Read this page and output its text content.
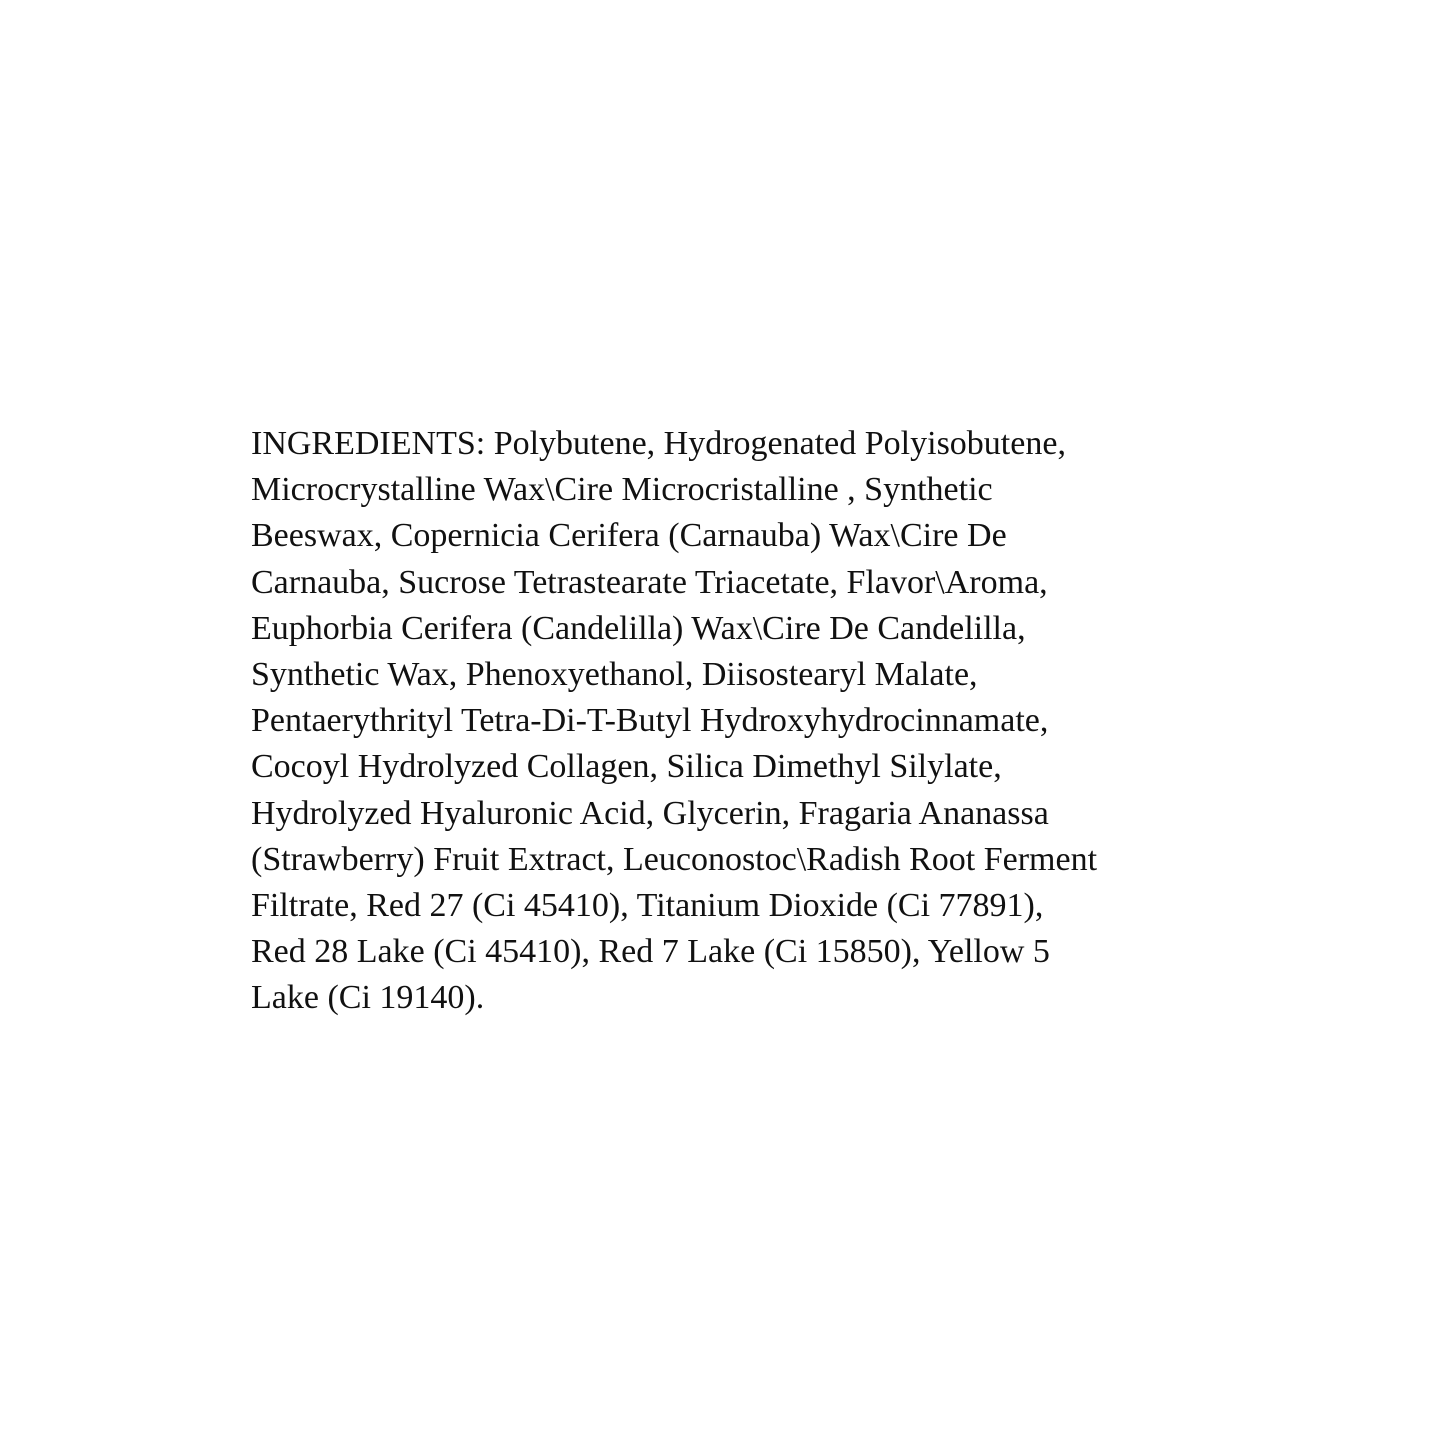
INGREDIENTS: Polybutene, Hydrogenated Polyisobutene,
Microcrystalline Wax\Cire Microcristalline , Synthetic
Beeswax, Copernicia Cerifera (Carnauba) Wax\Cire De
Carnauba, Sucrose Tetrastearate Triacetate, Flavor\Aroma,
Euphorbia Cerifera (Candelilla) Wax\Cire De Candelilla,
Synthetic Wax, Phenoxyethanol, Diisostearyl Malate,
Pentaerythrityl Tetra-Di-T-Butyl Hydroxyhydrocinnamate,
Cocoyl Hydrolyzed Collagen, Silica Dimethyl Silylate,
Hydrolyzed Hyaluronic Acid, Glycerin, Fragaria Ananassa
(Strawberry) Fruit Extract, Leuconostoc\Radish Root Ferment
Filtrate, Red 27 (Ci 45410), Titanium Dioxide (Ci 77891),
Red 28 Lake (Ci 45410), Red 7 Lake (Ci 15850), Yellow 5
Lake (Ci 19140).
